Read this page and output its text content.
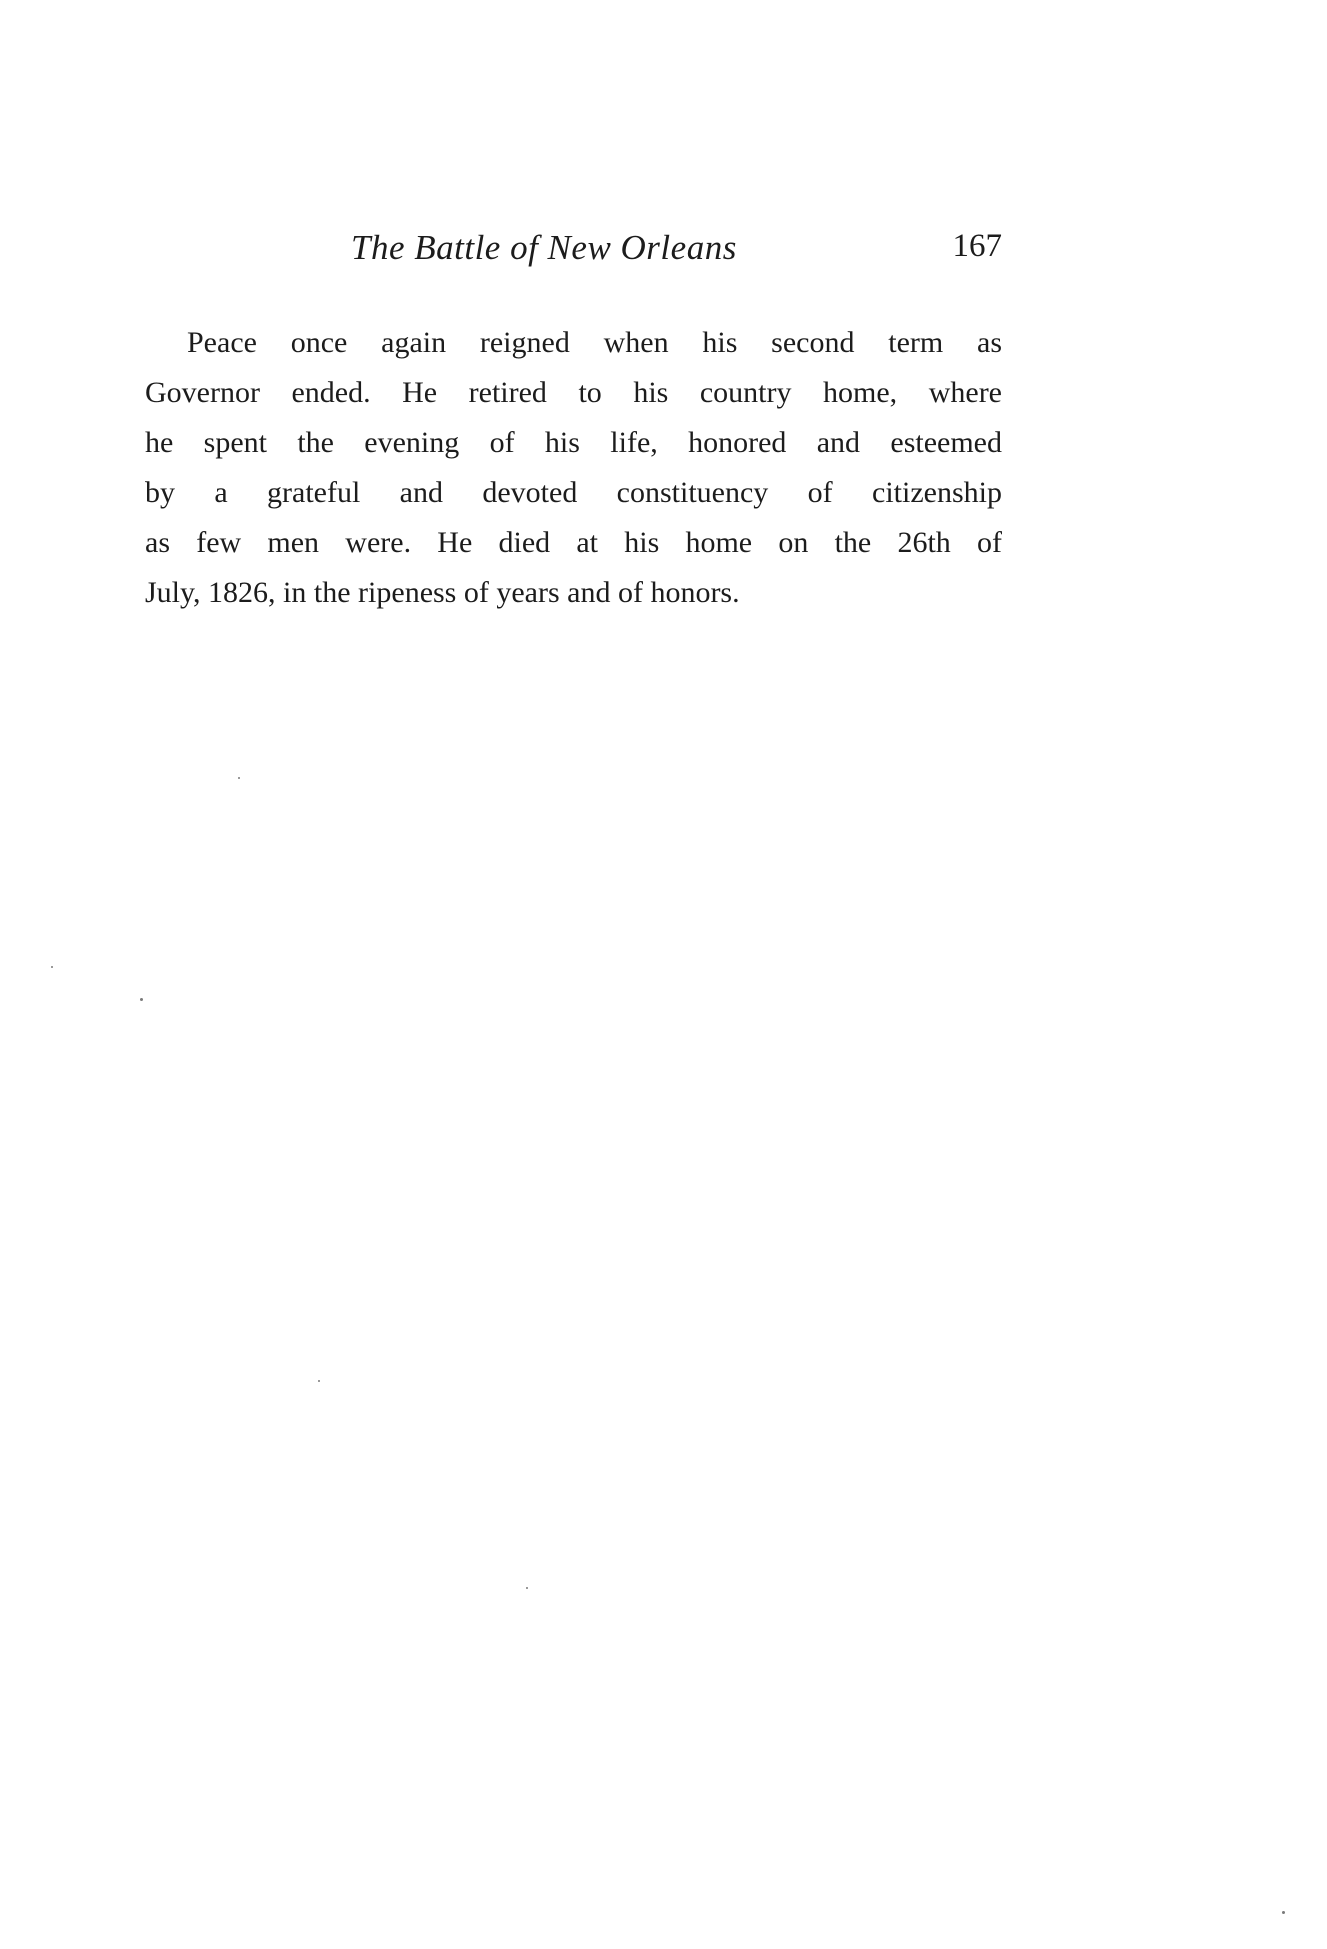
The Battle of New Orleans	167
Peace once again reigned when his second term as
Governor ended. He retired to his country home, where
he spent the evening of his life, honored and esteemed
by a grateful and devoted constituency of citizenship
as few men were. He died at his home on the 26th of
July, 1826, in the ripeness of years and of honors.
